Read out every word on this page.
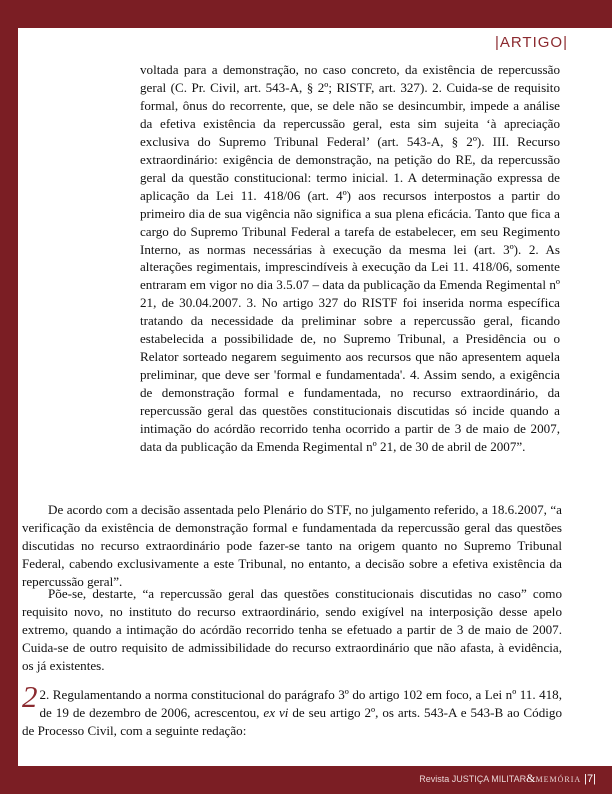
|ARTIGO|

voltada para a demonstração, no caso concreto, da existência de repercussão geral (C. Pr. Civil, art. 543-A, § 2º; RISTF, art. 327). 2. Cuida-se de requisito formal, ônus do recorrente, que, se dele não se desincumbir, impede a análise da efetiva existência da repercussão geral, esta sim sujeita ‘à apreciação exclusiva do Supremo Tribunal Federal’ (art. 543-A, § 2º). III. Recurso extraordinário: exigência de demonstração, na petição do RE, da repercussão geral da questão constitucional: termo inicial. 1. A determinação expressa de aplicação da Lei 11. 418/06 (art. 4º) aos recursos interpostos a partir do primeiro dia de sua vigência não significa a sua plena eficácia. Tanto que fica a cargo do Supremo Tribunal Federal a tarefa de estabelecer, em seu Regimento Interno, as normas necessárias à execução da mesma lei (art. 3º). 2. As alterações regimentais, imprescindíveis à execução da Lei 11. 418/06, somente entraram em vigor no dia 3.5.07 – data da publicação da Emenda Regimental nº 21, de 30.04.2007. 3. No artigo 327 do RISTF foi inserida norma específica tratando da necessidade da preliminar sobre a repercussão geral, ficando estabelecida a possibilidade de, no Supremo Tribunal, a Presidência ou o Relator sorteado negarem seguimento aos recursos que não apresentem aquela preliminar, que deve ser 'formal e fundamentada'. 4. Assim sendo, a exigência de demonstração formal e fundamentada, no recurso extraordinário, da repercussão geral das questões constitucionais discutidas só incide quando a intimação do acórdão recorrido tenha ocorrido a partir de 3 de maio de 2007, data da publicação da Emenda Regimental nº 21, de 30 de abril de 2007”.

De acordo com a decisão assentada pelo Plenário do STF, no julgamento referido, a 18.6.2007, “a verificação da existência de demonstração formal e fundamentada da repercussão geral das questões discutidas no recurso extraordinário pode fazer-se tanto na origem quanto no Supremo Tribunal Federal, cabendo exclusivamente a este Tribunal, no entanto, a decisão sobre a efetiva existência da repercussão geral”.

Põe-se, destarte, “a repercussão geral das questões constitucionais discutidas no caso” como requisito novo, no instituto do recurso extraordinário, sendo exigível na interposição desse apelo extremo, quando a intimação do acórdão recorrido tenha se efetuado a partir de 3 de maio de 2007. Cuida-se de outro requisito de admissibilidade do recurso extraordinário que não afasta, à evidência, os já existentes.

2 2. Regulamentando a norma constitucional do parágrafo 3º do artigo 102 em foco, a Lei nº 11. 418, de 19 de dezembro de 2006, acrescentou, ex vi de seu artigo 2º, os arts. 543-A e 543-B ao Código de Processo Civil, com a seguinte redação:

Revista JUSTIÇA MILITAR&MEMÓRIA |7|
